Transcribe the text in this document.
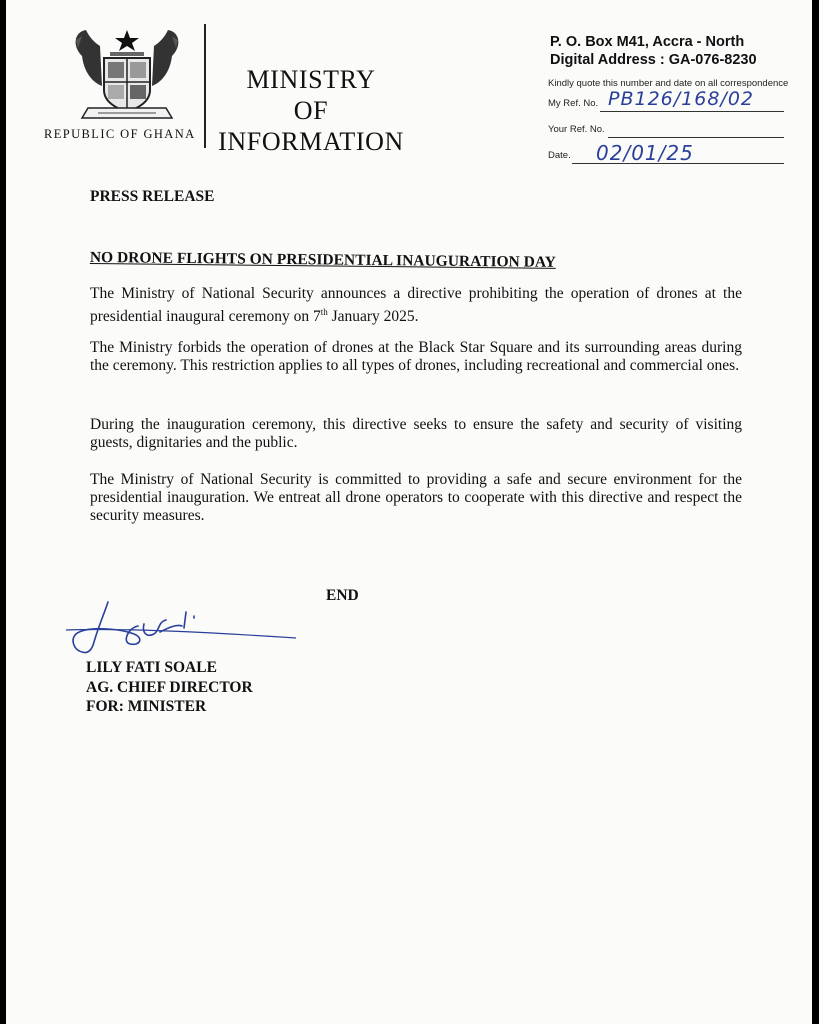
REPUBLIC OF GHANA
MINISTRY
OF
INFORMATION
P. O. Box M41, Accra - North
Digital Address : GA-076-8230
Kindly quote this number and date on all correspondence
My Ref. No. PB126/168/02
Your Ref. No.
Date. 02/01/25
PRESS RELEASE
NO DRONE FLIGHTS ON PRESIDENTIAL INAUGURATION DAY
The Ministry of National Security announces a directive prohibiting the operation of drones at the presidential inaugural ceremony on 7th January 2025.
The Ministry forbids the operation of drones at the Black Star Square and its surrounding areas during the ceremony. This restriction applies to all types of drones, including recreational and commercial ones.
During the inauguration ceremony, this directive seeks to ensure the safety and security of visiting guests, dignitaries and the public.
The Ministry of National Security is committed to providing a safe and secure environment for the presidential inauguration. We entreat all drone operators to cooperate with this directive and respect the security measures.
END
LILY FATI SOALE
AG. CHIEF DIRECTOR
FOR: MINISTER
